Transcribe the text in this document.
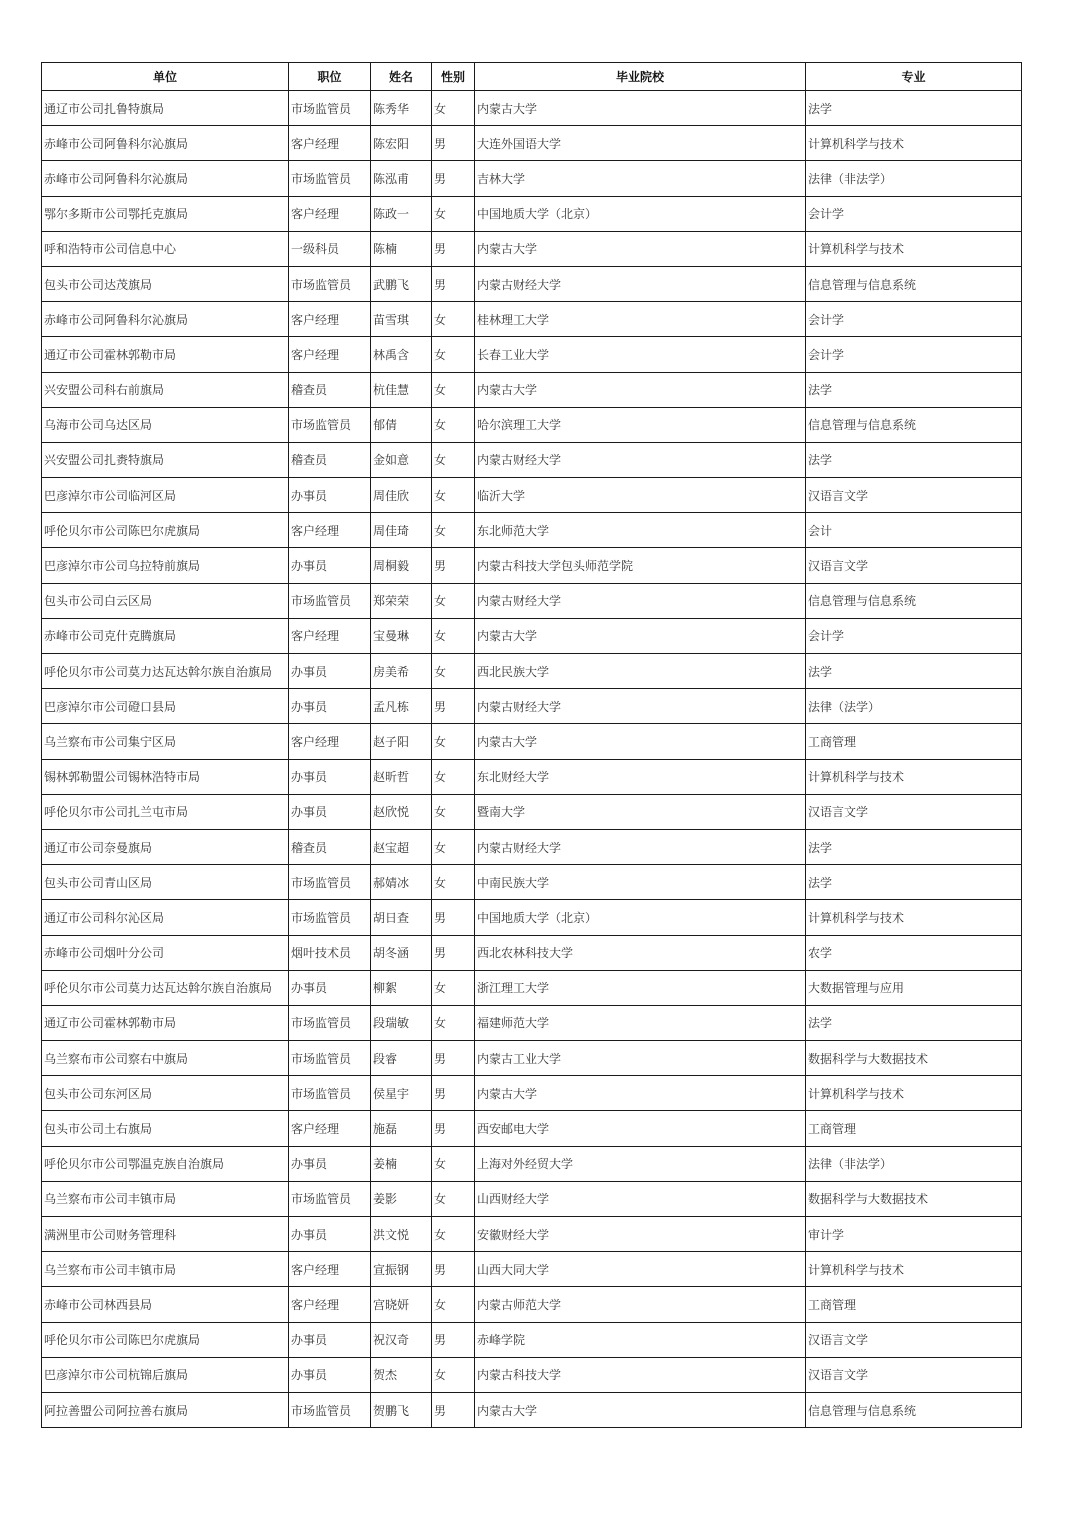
单位	职位	姓名	性别	毕业院校	专业
通辽市公司扎鲁特旗局	市场监管员	陈秀华	女	内蒙古大学	法学
赤峰市公司阿鲁科尔沁旗局	客户经理	陈宏阳	男	大连外国语大学	计算机科学与技术
赤峰市公司阿鲁科尔沁旗局	市场监管员	陈泓甫	男	吉林大学	法律（非法学）
鄂尔多斯市公司鄂托克旗局	客户经理	陈政一	女	中国地质大学（北京）	会计学
呼和浩特市公司信息中心	一级科员	陈楠	男	内蒙古大学	计算机科学与技术
包头市公司达茂旗局	市场监管员	武鹏飞	男	内蒙古财经大学	信息管理与信息系统
赤峰市公司阿鲁科尔沁旗局	客户经理	苗雪琪	女	桂林理工大学	会计学
通辽市公司霍林郭勒市局	客户经理	林禹含	女	长春工业大学	会计学
兴安盟公司科右前旗局	稽查员	杭佳慧	女	内蒙古大学	法学
乌海市公司乌达区局	市场监管员	郁倩	女	哈尔滨理工大学	信息管理与信息系统
兴安盟公司扎赉特旗局	稽查员	金如意	女	内蒙古财经大学	法学
巴彦淖尔市公司临河区局	办事员	周佳欣	女	临沂大学	汉语言文学
呼伦贝尔市公司陈巴尔虎旗局	客户经理	周佳琦	女	东北师范大学	会计
巴彦淖尔市公司乌拉特前旗局	办事员	周桐毅	男	内蒙古科技大学包头师范学院	汉语言文学
包头市公司白云区局	市场监管员	郑荣荣	女	内蒙古财经大学	信息管理与信息系统
赤峰市公司克什克腾旗局	客户经理	宝曼琳	女	内蒙古大学	会计学
呼伦贝尔市公司莫力达瓦达斡尔族自治旗局	办事员	房美希	女	西北民族大学	法学
巴彦淖尔市公司磴口县局	办事员	孟凡栋	男	内蒙古财经大学	法律（法学）
乌兰察布市公司集宁区局	客户经理	赵子阳	女	内蒙古大学	工商管理
锡林郭勒盟公司锡林浩特市局	办事员	赵昕哲	女	东北财经大学	计算机科学与技术
呼伦贝尔市公司扎兰屯市局	办事员	赵欣悦	女	暨南大学	汉语言文学
通辽市公司奈曼旗局	稽查员	赵宝超	女	内蒙古财经大学	法学
包头市公司青山区局	市场监管员	郝婧冰	女	中南民族大学	法学
通辽市公司科尔沁区局	市场监管员	胡日查	男	中国地质大学（北京）	计算机科学与技术
赤峰市公司烟叶分公司	烟叶技术员	胡冬涵	男	西北农林科技大学	农学
呼伦贝尔市公司莫力达瓦达斡尔族自治旗局	办事员	柳絮	女	浙江理工大学	大数据管理与应用
通辽市公司霍林郭勒市局	市场监管员	段瑞敏	女	福建师范大学	法学
乌兰察布市公司察右中旗局	市场监管员	段睿	男	内蒙古工业大学	数据科学与大数据技术
包头市公司东河区局	市场监管员	侯星宇	男	内蒙古大学	计算机科学与技术
包头市公司土右旗局	客户经理	施磊	男	西安邮电大学	工商管理
呼伦贝尔市公司鄂温克族自治旗局	办事员	姜楠	女	上海对外经贸大学	法律（非法学）
乌兰察布市公司丰镇市局	市场监管员	姜影	女	山西财经大学	数据科学与大数据技术
满洲里市公司财务管理科	办事员	洪文悦	女	安徽财经大学	审计学
乌兰察布市公司丰镇市局	客户经理	宣振钢	男	山西大同大学	计算机科学与技术
赤峰市公司林西县局	客户经理	宫晓妍	女	内蒙古师范大学	工商管理
呼伦贝尔市公司陈巴尔虎旗局	办事员	祝汉奇	男	赤峰学院	汉语言文学
巴彦淖尔市公司杭锦后旗局	办事员	贺杰	女	内蒙古科技大学	汉语言文学
阿拉善盟公司阿拉善右旗局	市场监管员	贺鹏飞	男	内蒙古大学	信息管理与信息系统
